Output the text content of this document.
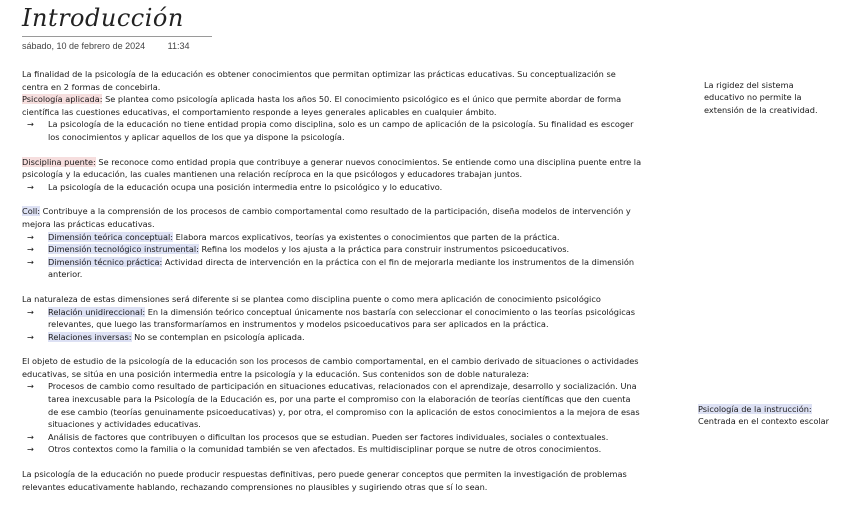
Introducción
sábado, 10 de febrero de 2024	11:34

La finalidad de la psicología de la educación es obtener conocimientos que permitan optimizar las prácticas educativas. Su conceptualización se centra en 2 formas de concebirla.

Psicología aplicada: Se plantea como psicología aplicada hasta los años 50. El conocimiento psicológico es el único que permite abordar de forma científica las cuestiones educativas, el comportamiento responde a leyes generales aplicables en cualquier ámbito.

→ La psicología de la educación no tiene entidad propia como disciplina, solo es un campo de aplicación de la psicología. Su finalidad es escoger los conocimientos y aplicar aquellos de los que ya dispone la psicología.

Disciplina puente: Se reconoce como entidad propia que contribuye a generar nuevos conocimientos. Se entiende como una disciplina puente entre la psicología y la educación, las cuales mantienen una relación recíproca en la que psicólogos y educadores trabajan juntos.

→ La psicología de la educación ocupa una posición intermedia entre lo psicológico y lo educativo.

Coll: Contribuye a la comprensión de los procesos de cambio comportamental como resultado de la participación, diseña modelos de intervención y mejora las prácticas educativas.

→ Dimensión teórica conceptual: Elabora marcos explicativos, teorías ya existentes o conocimientos que parten de la práctica.

→ Dimensión tecnológico instrumental: Refina los modelos y los ajusta a la práctica para construir instrumentos psicoeducativos.

→ Dimensión técnico práctica: Actividad directa de intervención en la práctica con el fin de mejorarla mediante los instrumentos de la dimensión anterior.

La naturaleza de estas dimensiones será diferente si se plantea como disciplina puente o como mera aplicación de conocimiento psicológico

→ Relación unidireccional: En la dimensión teórico conceptual únicamente nos bastaría con seleccionar el conocimiento o las teorías psicológicas relevantes, que luego las transformaríamos en instrumentos y modelos psicoeducativos para ser aplicados en la práctica.

→ Relaciones inversas: No se contemplan en psicología aplicada.

El objeto de estudio de la psicología de la educación son los procesos de cambio comportamental, en el cambio derivado de situaciones o actividades educativas, se sitúa en una posición intermedia entre la psicología y la educación. Sus contenidos son de doble naturaleza:

→ Procesos de cambio como resultado de participación en situaciones educativas, relacionados con el aprendizaje, desarrollo y socialización. Una tarea inexcusable para la Psicología de la Educación es, por una parte el compromiso con la elaboración de teorías científicas que den cuenta de ese cambio (teorías genuinamente psicoeducativas) y, por otra, el compromiso con la aplicación de estos conocimientos a la mejora de esas situaciones y actividades educativas.

→ Análisis de factores que contribuyen o dificultan los procesos que se estudian. Pueden ser factores individuales, sociales o contextuales.

→ Otros contextos como la familia o la comunidad también se ven afectados. Es multidisciplinar porque se nutre de otros conocimientos.

La psicología de la educación no puede producir respuestas definitivas, pero puede generar conceptos que permiten la investigación de problemas relevantes educativamente hablando, rechazando comprensiones no plausibles y sugiriendo otras que sí lo sean.

La rigidez del sistema educativo no permite la extensión de la creatividad.
Psicología de la instrucción:
Centrada en el contexto escolar
